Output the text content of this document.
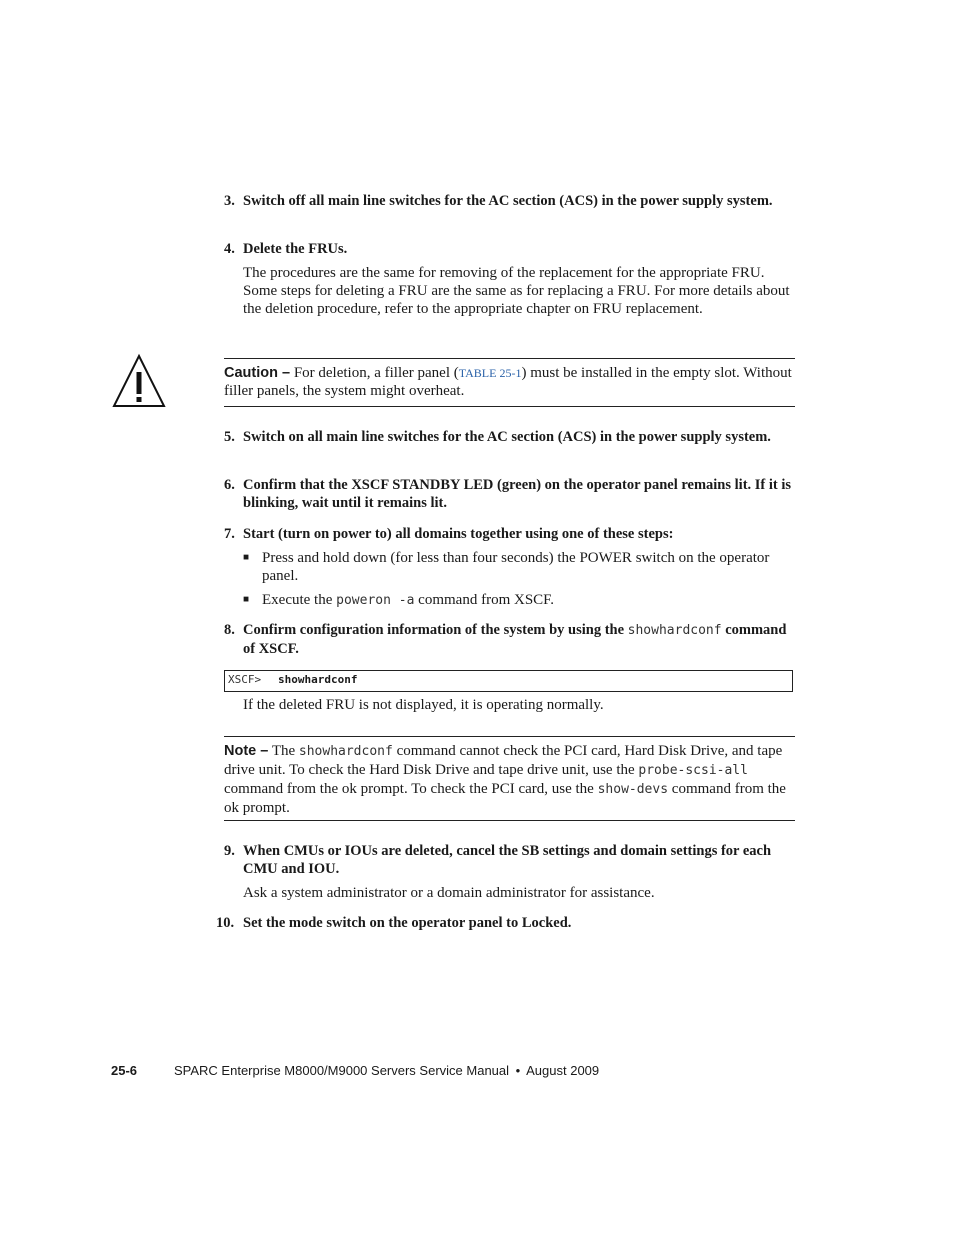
3. Switch off all main line switches for the AC section (ACS) in the power supply system.
4. Delete the FRUs.
The procedures are the same for removing of the replacement for the appropriate FRU. Some steps for deleting a FRU are the same as for replacing a FRU. For more details about the deletion procedure, refer to the appropriate chapter on FRU replacement.
Caution – For deletion, a filler panel (TABLE 25-1) must be installed in the empty slot. Without filler panels, the system might overheat.
5. Switch on all main line switches for the AC section (ACS) in the power supply system.
6. Confirm that the XSCF STANDBY LED (green) on the operator panel remains lit. If it is blinking, wait until it remains lit.
7. Start (turn on power to) all domains together using one of these steps:
■ Press and hold down (for less than four seconds) the POWER switch on the operator panel.
■ Execute the poweron -a command from XSCF.
8. Confirm configuration information of the system by using the showhardconf command of XSCF.
XSCF> showhardconf
If the deleted FRU is not displayed, it is operating normally.
Note – The showhardconf command cannot check the PCI card, Hard Disk Drive, and tape drive unit. To check the Hard Disk Drive and tape drive unit, use the probe-scsi-all command from the ok prompt. To check the PCI card, use the show-devs command from the ok prompt.
9. When CMUs or IOUs are deleted, cancel the SB settings and domain settings for each CMU and IOU.
Ask a system administrator or a domain administrator for assistance.
10. Set the mode switch on the operator panel to Locked.
25-6	SPARC Enterprise M8000/M9000 Servers Service Manual • August 2009
